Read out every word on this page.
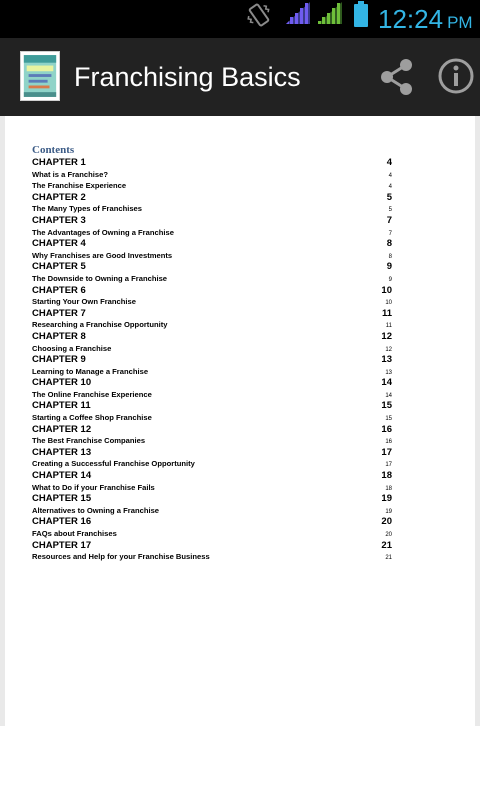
12:24 PM
Franchising Basics
Contents
CHAPTER 1	4
What is a Franchise?	4
The Franchise Experience	4
CHAPTER 2	5
The Many Types of Franchises	5
CHAPTER 3	7
The Advantages of Owning a Franchise	7
CHAPTER 4	8
Why Franchises are Good Investments	8
CHAPTER 5	9
The Downside to Owning a Franchise	9
CHAPTER 6	10
Starting Your Own Franchise	10
CHAPTER 7	11
Researching a Franchise Opportunity	11
CHAPTER 8	12
Choosing a Franchise	12
CHAPTER 9	13
Learning to Manage a Franchise	13
CHAPTER 10	14
The Online Franchise Experience	14
CHAPTER 11	15
Starting a Coffee Shop Franchise	15
CHAPTER 12	16
The Best Franchise Companies	16
CHAPTER 13	17
Creating a Successful Franchise Opportunity	17
CHAPTER 14	18
What to Do if your Franchise Fails	18
CHAPTER 15	19
Alternatives to Owning a Franchise	19
CHAPTER 16	20
FAQs about Franchises	20
CHAPTER 17	21
Resources and Help for your Franchise Business	21
